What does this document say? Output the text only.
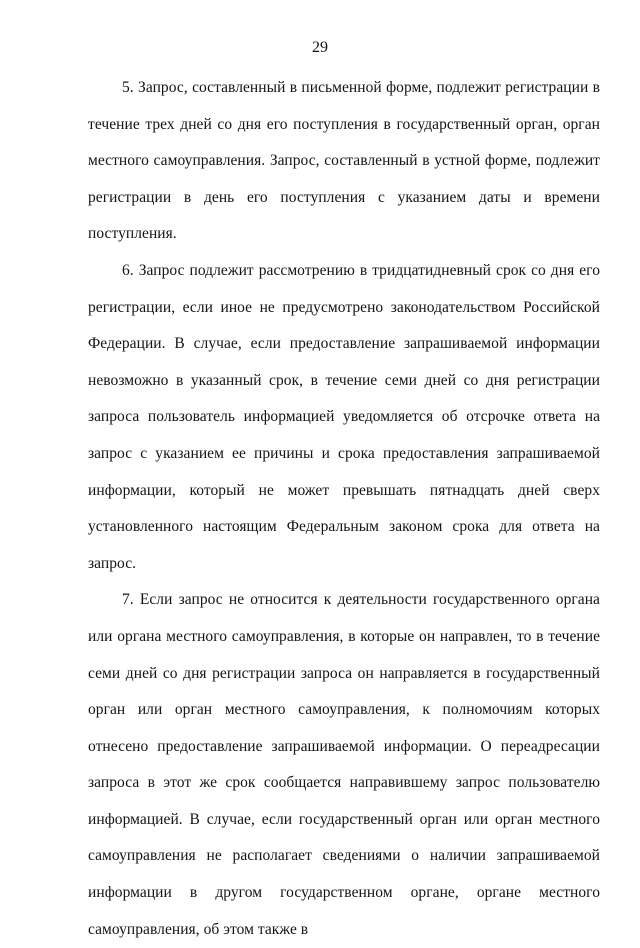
29

5. Запрос, составленный в письменной форме, подлежит регистрации в течение трех дней со дня его поступления в государственный орган, орган местного самоуправления. Запрос, составленный в устной форме, подлежит регистрации в день его поступления с указанием даты и времени поступления.

6. Запрос подлежит рассмотрению в тридцатидневный срок со дня его регистрации, если иное не предусмотрено законодательством Российской Федерации. В случае, если предоставление запрашиваемой информации невозможно в указанный срок, в течение семи дней со дня регистрации запроса пользователь информацией уведомляется об отсрочке ответа на запрос с указанием ее причины и срока предоставления запрашиваемой информации, который не может превышать пятнадцать дней сверх установленного настоящим Федеральным законом срока для ответа на запрос.

7. Если запрос не относится к деятельности государственного органа или органа местного самоуправления, в которые он направлен, то в течение семи дней со дня регистрации запроса он направляется в государственный орган или орган местного самоуправления, к полномочиям которых отнесено предоставление запрашиваемой информации. О переадресации запроса в этот же срок сообщается направившему запрос пользователю информацией. В случае, если государственный орган или орган местного самоуправления не располагает сведениями о наличии запрашиваемой информации в другом государственном органе, органе местного самоуправления, об этом также в
